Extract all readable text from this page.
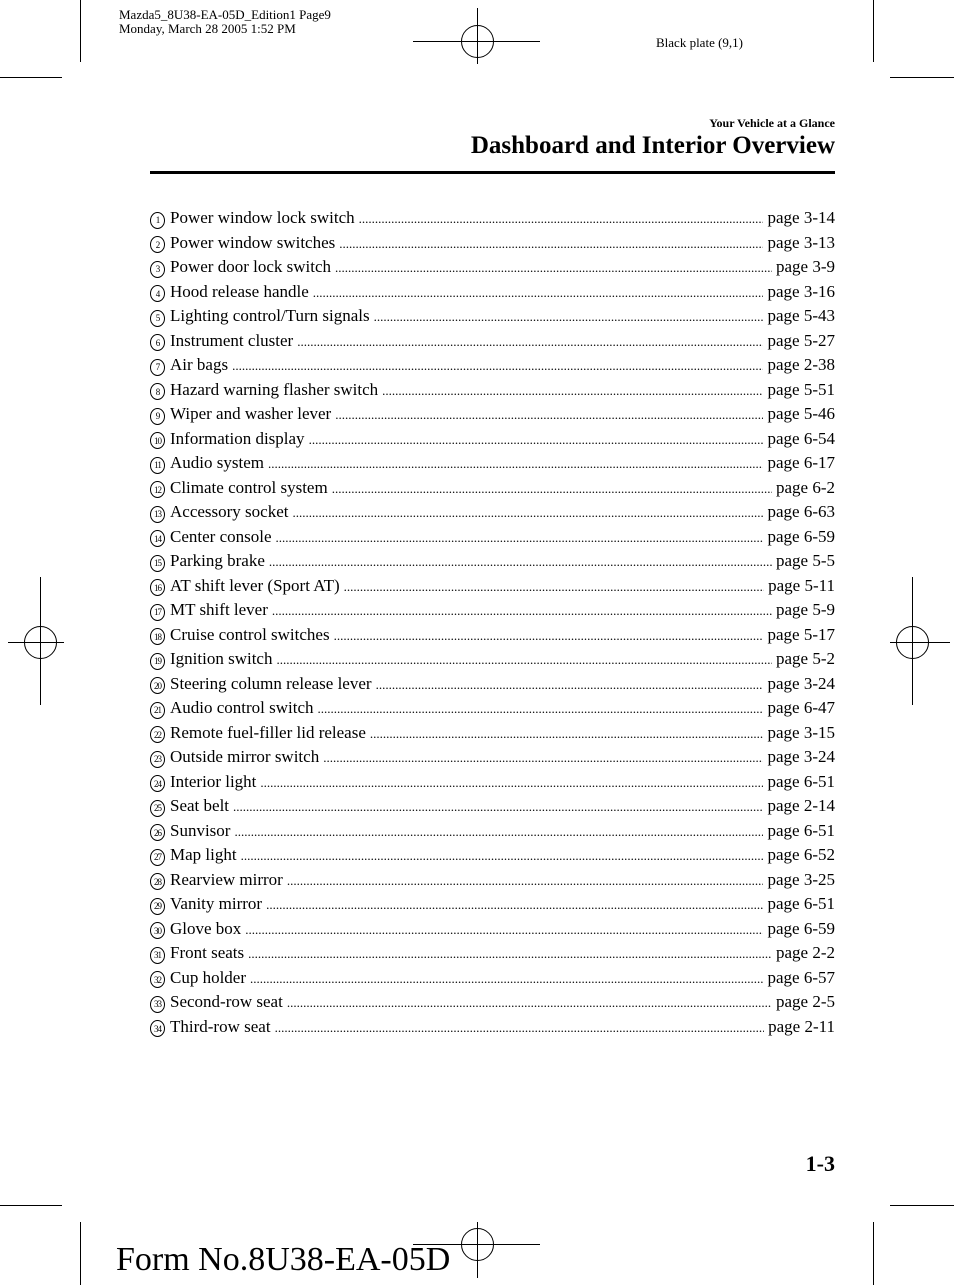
Mazda5_8U38-EA-05D_Edition1 Page9
Monday, March 28 2005 1:52 PM
Black plate (9,1)
Your Vehicle at a Glance
Dashboard and Interior Overview
1 Power window lock switch .....	page 3-14
2 Power window switches .....	page 3-13
3 Power door lock switch .....	page 3-9
4 Hood release handle .....	page 3-16
5 Lighting control/Turn signals .....	page 5-43
6 Instrument cluster .....	page 5-27
7 Air bags .....	page 2-38
8 Hazard warning flasher switch .....	page 5-51
9 Wiper and washer lever .....	page 5-46
10 Information display .....	page 6-54
11 Audio system .....	page 6-17
12 Climate control system .....	page 6-2
13 Accessory socket .....	page 6-63
14 Center console .....	page 6-59
15 Parking brake .....	page 5-5
16 AT shift lever (Sport AT) .....	page 5-11
17 MT shift lever .....	page 5-9
18 Cruise control switches .....	page 5-17
19 Ignition switch .....	page 5-2
20 Steering column release lever .....	page 3-24
21 Audio control switch .....	page 6-47
22 Remote fuel-filler lid release .....	page 3-15
23 Outside mirror switch .....	page 3-24
24 Interior light .....	page 6-51
25 Seat belt .....	page 2-14
26 Sunvisor .....	page 6-51
27 Map light .....	page 6-52
28 Rearview mirror .....	page 3-25
29 Vanity mirror .....	page 6-51
30 Glove box .....	page 6-59
31 Front seats .....	page 2-2
32 Cup holder .....	page 6-57
33 Second-row seat .....	page 2-5
34 Third-row seat .....	page 2-11
1-3
Form No.8U38-EA-05D
